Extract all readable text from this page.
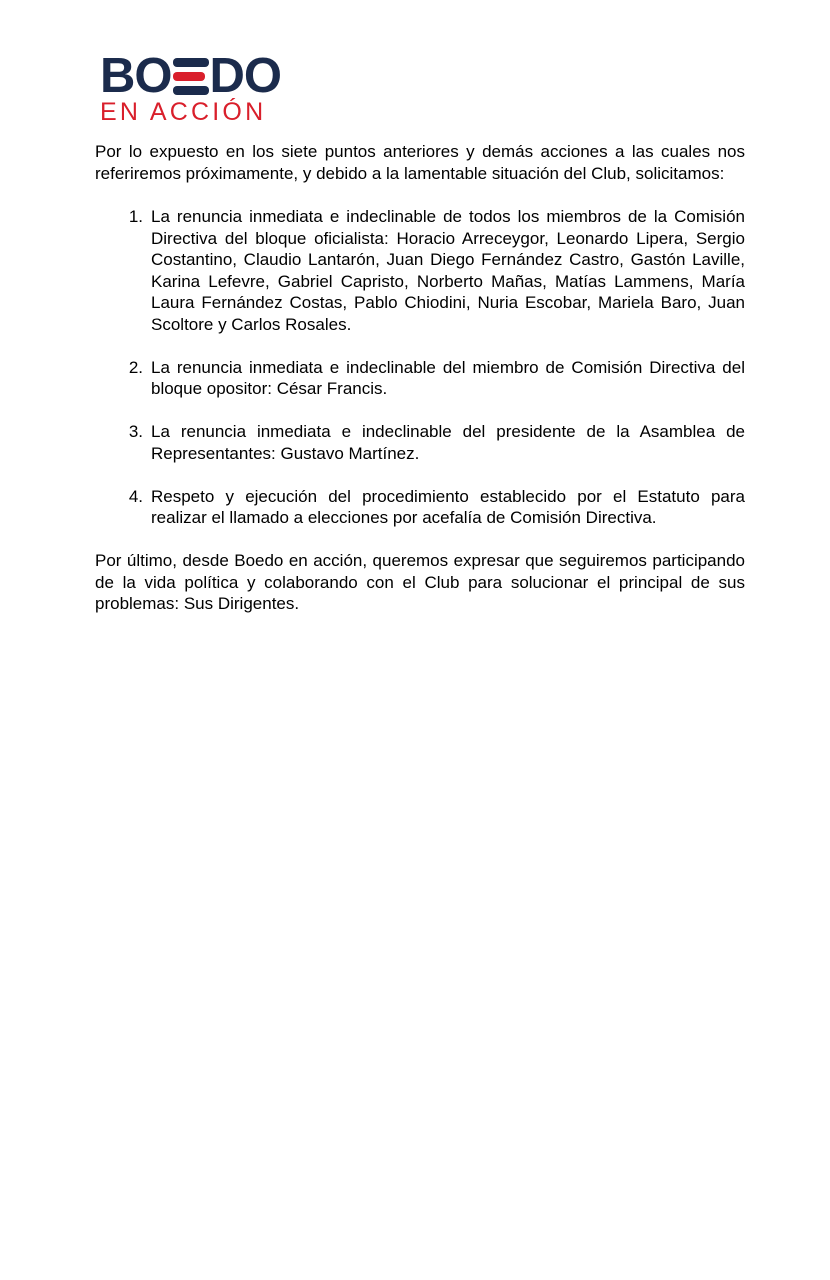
BO DO
EN ACCIÓN

Por lo expuesto en los siete puntos anteriores y demás acciones a las cuales nos referiremos próximamente, y debido a la lamentable situación del Club, solicitamos:

1. La renuncia inmediata e indeclinable de todos los miembros de la Comisión Directiva del bloque oficialista: Horacio Arreceygor, Leonardo Lipera, Sergio Costantino, Claudio Lantarón, Juan Diego Fernández Castro, Gastón Laville, Karina Lefevre, Gabriel Capristo, Norberto Mañas, Matías Lammens, María Laura Fernández Costas, Pablo Chiodini, Nuria Escobar, Mariela Baro, Juan Scoltore y Carlos Rosales.
2. La renuncia inmediata e indeclinable del miembro de Comisión Directiva del bloque opositor: César Francis.
3. La renuncia inmediata e indeclinable del presidente de la Asamblea de Representantes: Gustavo Martínez.
4. Respeto y ejecución del procedimiento establecido por el Estatuto para realizar el llamado a elecciones por acefalía de Comisión Directiva.

Por último, desde Boedo en acción, queremos expresar que seguiremos participando de la vida política y colaborando con el Club para solucionar el principal de sus problemas: Sus Dirigentes.
